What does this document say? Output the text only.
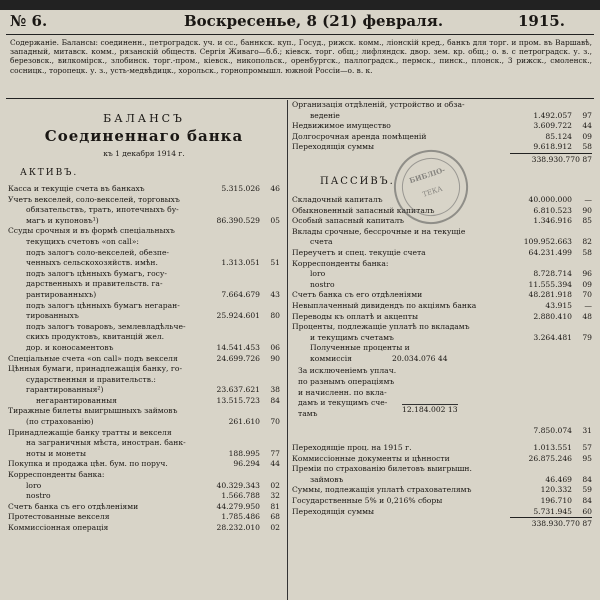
№ 6.	Воскресенье, 8 (21) февраля.	1915.
Содержаніе. Балансы: соединенн., петроградск. уч. и сс., баннкск. куп., Госуд., рижск. комм., лiонскiй кред., банкъ для торг. и пром. въ Варшавѣ, западный, митавск. комм., рязанскiй обществ. Сергiя Живаго—б.б.; кiевск. торг. общ.; лифляндск. двор. зем. кр. общ.; о. в. с петроградск. у. з., березовск., вилкомiрск., злобинск. торг.-пром., кiевск., никопольск., оренбургск., паллоградск., пермск., пинск., плонск., 3 рижск., смоленск., сосницк., торопецк. у. з., усть-медвѣдицк., хорольск., горнопромышл. южной Россiи—о. в. к.
БАЛАНСЪ
Соединеннаго банка
къ 1 декабря 1914 г.
АКТИВЪ.
Касса и текущiе счета въ банкахъ	5.315.026	46
Учетъ векселей, соло-векселей, торговыхъ
обязательствъ, тратъ, ипотечныхъ бу-
магъ и купоновъ¹)	86.390.529	05
Ссуды срочныя и въ формѣ спецiальныхъ
текущихъ счетовъ «on call»:
подъ залогъ соло-векселей, обезпе-
ченныхъ сельскохозяйств. имѣн.	1.313.051	51
подъ залогъ цѣнныхъ бумагъ, госу-
дарственныхъ и правительств. га-
рантированныхъ)	7.664.679	43
подъ залогъ цѣнныхъ бумагъ негаран-
тированныхъ	25.924.601	80
подъ залогъ товаровъ, землевладѣльче-
скихъ продуктовъ, квитанцiй жел.
дор. и коносаментовъ	14.541.453	06
Спецiальные счета «on call» подъ векселя	24.699.726	90
Цѣнныя бумаги, принадлежащiя банку, го-
сударственныя и правительств.:
гарантированныя²)	23.637.621	38
негарантированныя	13.515.723	84
Тиражные билеты выигрышныхъ займовъ
(по страхованiю)	261.610	70
Принадлежащiе банку тратты и векселя
на заграничныя мѣста, иностран. банк-
ноты и монеты	188.995	77
Покупка и продажа цѣн. бум. по поруч.	96.294	44
Корреспонденты банка:
loro	40.329.343	02
nostro	1.566.788	32
Счетъ банка съ его отдѣленiями	44.279.950	81
Протестованные векселя	1.785.486	68
Коммиссiонная операцiя	28.232.010	02
Организацiя отдѣленiй, устройство и обза-
веденiе	1.492.057	97
Недвижимое имущество	3.609.722	44
Долгосрочная аренда помѣщенiй	85.124	09
Переходящiя суммы	9.618.912	58
338.930.770 87
ПАССИВЪ.
Складочный капиталъ	40.000.000	—
Обыкновенный запасный капиталъ	6.810.523	90
Особый запасный капиталъ	1.346.916	85
Вклады срочные, бессрочные и на текущiе
счета	109.952.663	82
Переучетъ и спец. текущiе счета	64.231.499	58
Корреспонденты банка:
loro	8.728.714	96
nostro	11.555.394	09
Счетъ банка съ его отдѣленiями	48.281.918	70
Невыплаченный дивидендъ по акцiямъ банка	43.915	—
Переводы къ оплатѣ и акцепты	2.880.410	48
Проценты, подлежащiе уплатѣ по вкладамъ
и текущимъ счетамъ	3.264.481	79
Полученные проценты и
коммиссiя	20.034.076 44
За исключенiемъ уплач.
по разнымъ операцiямъ
и начисленн. по вкла-
дамъ и текущимъ сче-
тамъ	12.184.002 13
7.850.074	31
Переходящiе проц. на 1915 г.	1.013.551	57
Коммиссiонные документы и цѣнности	26.875.246	95
Премiи по страхованiю билетовъ выигрышн.
займовъ	46.469	84
Суммы, подлежащiя уплатѣ страхователямъ	120.332	59
Государственные 5% и 0,216% сборы	196.710	84
Переходящiя суммы	5.731.945	60
338.930.770 87
БИБЛIО-
ТЕКА
